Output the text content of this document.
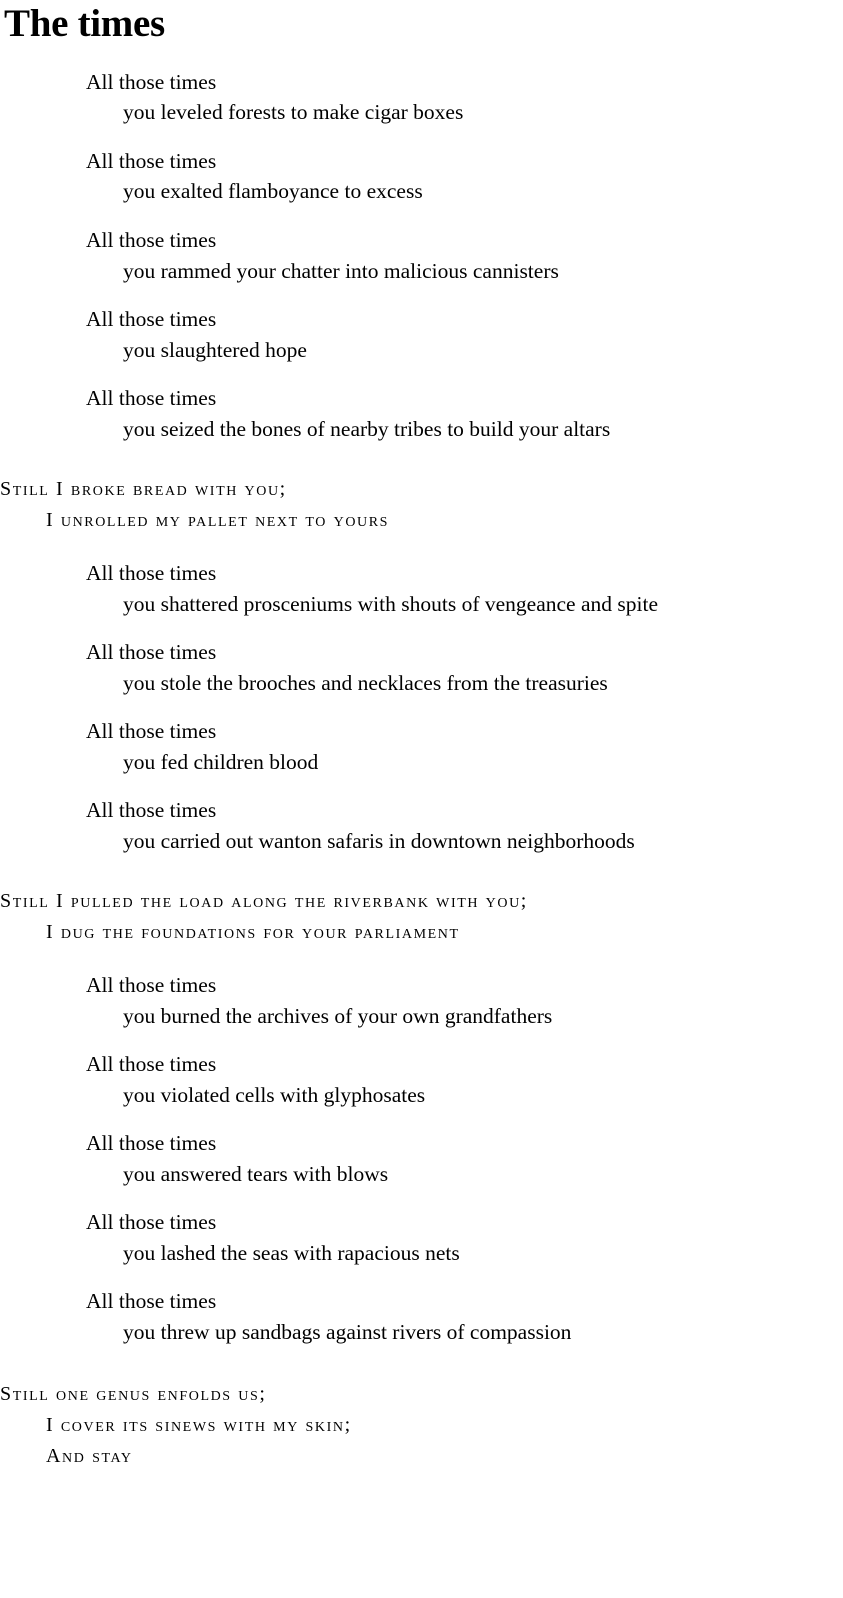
The times
All those times
you leveled forests to make cigar boxes
All those times
you exalted flamboyance to excess
All those times
you rammed your chatter into malicious cannisters
All those times
you slaughtered hope
All those times
you seized the bones of nearby tribes to build your altars
Still I broke bread with you;
I unrolled my pallet next to yours
All those times
you shattered prosceniums with shouts of vengeance and spite
All those times
you stole the brooches and necklaces from the treasuries
All those times
you fed children blood
All those times
you carried out wanton safaris in downtown neighborhoods
Still I pulled the load along the riverbank with you;
I dug the foundations for your parliament
All those times
you burned the archives of your own grandfathers
All those times
you violated cells with glyphosates
All those times
you answered tears with blows
All those times
you lashed the seas with rapacious nets
All those times
you threw up sandbags against rivers of compassion
Still one genus enfolds us;
I cover its sinews with my skin;
And stay
